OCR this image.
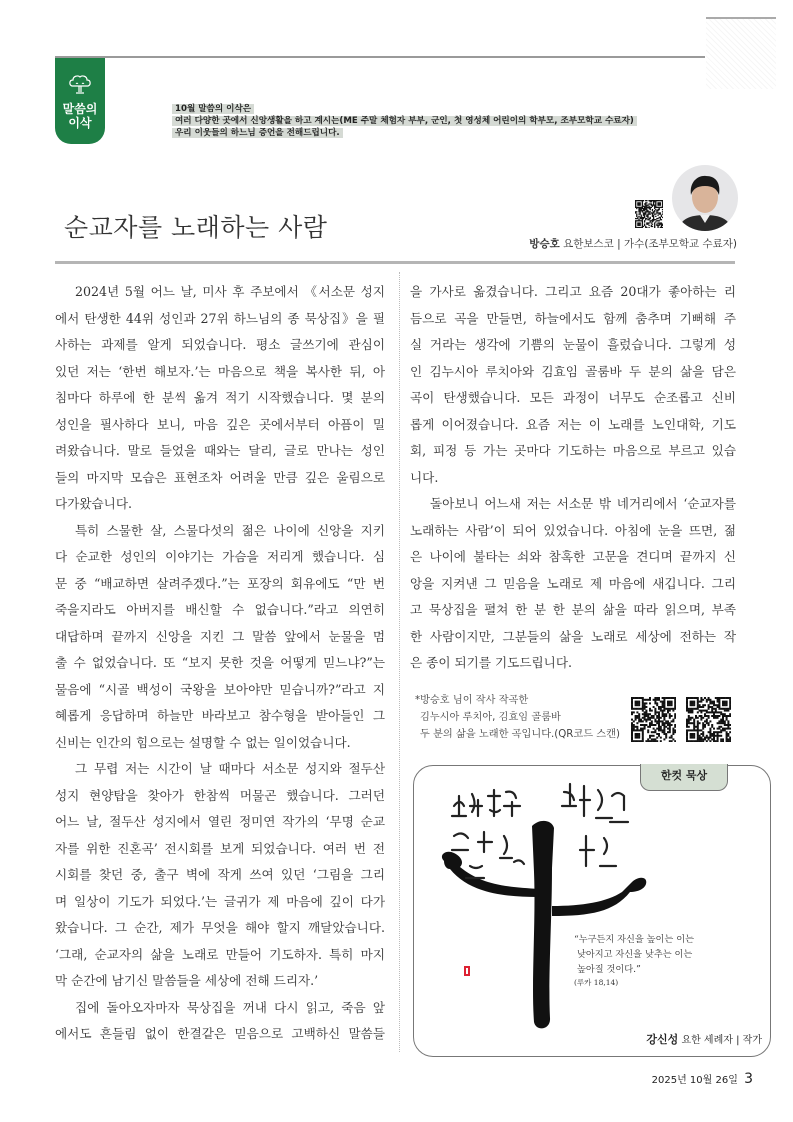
말씀의
이삭
10월 말씀의 이삭은
여러 다양한 곳에서 신앙생활을 하고 계시는(ME 주말 체험자 부부, 군인, 첫 영성체 어린이의 학부모, 조부모학교 수료자)
우리 이웃들의 하느님 증언을 전해드립니다.
순교자를 노래하는 사람
방승호 요한보스코 | 가수(조부모학교 수료자)
2024년 5월 어느 날, 미사 후 주보에서 《서소문 성지
에서 탄생한 44위 성인과 27위 하느님의 종 묵상집》을 필
사하는 과제를 알게 되었습니다. 평소 글쓰기에 관심이
있던 저는 ‘한번 해보자.’는 마음으로 책을 복사한 뒤, 아
침마다 하루에 한 분씩 옮겨 적기 시작했습니다. 몇 분의
성인을 필사하다 보니, 마음 깊은 곳에서부터 아픔이 밀
려왔습니다. 말로 들었을 때와는 달리, 글로 만나는 성인
들의 마지막 모습은 표현조차 어려울 만큼 깊은 울림으로
다가왔습니다.
특히 스물한 살, 스물다섯의 젊은 나이에 신앙을 지키
다 순교한 성인의 이야기는 가슴을 저리게 했습니다. 심
문 중 “배교하면 살려주겠다.”는 포장의 회유에도 “만 번
죽을지라도 아버지를 배신할 수 없습니다.”라고 의연히
대답하며 끝까지 신앙을 지킨 그 말씀 앞에서 눈물을 멈
출 수 없었습니다. 또 “보지 못한 것을 어떻게 믿느냐?”는
물음에 “시골 백성이 국왕을 보아야만 믿습니까?”라고 지
혜롭게 응답하며 하늘만 바라보고 참수형을 받아들인 그
신비는 인간의 힘으로는 설명할 수 없는 일이었습니다.
그 무렵 저는 시간이 날 때마다 서소문 성지와 절두산
성지 현양탑을 찾아가 한참씩 머물곤 했습니다. 그러던
어느 날, 절두산 성지에서 열린 정미연 작가의 ‘무명 순교
자를 위한 진혼곡’ 전시회를 보게 되었습니다. 여러 번 전
시회를 찾던 중, 출구 벽에 작게 쓰여 있던 ‘그림을 그리
며 일상이 기도가 되었다.’는 글귀가 제 마음에 깊이 다가
왔습니다. 그 순간, 제가 무엇을 해야 할지 깨달았습니다.
‘그래, 순교자의 삶을 노래로 만들어 기도하자. 특히 마지
막 순간에 남기신 말씀들을 세상에 전해 드리자.’
집에 돌아오자마자 묵상집을 꺼내 다시 읽고, 죽음 앞
에서도 흔들림 없이 한결같은 믿음으로 고백하신 말씀들
을 가사로 옮겼습니다. 그리고 요즘 20대가 좋아하는 리
듬으로 곡을 만들면, 하늘에서도 함께 춤추며 기뻐해 주
실 거라는 생각에 기쁨의 눈물이 흘렀습니다. 그렇게 성
인 김누시아 루치아와 김효임 골룸바 두 분의 삶을 담은
곡이 탄생했습니다. 모든 과정이 너무도 순조롭고 신비
롭게 이어졌습니다. 요즘 저는 이 노래를 노인대학, 기도
회, 피정 등 가는 곳마다 기도하는 마음으로 부르고 있습
니다.
돌아보니 어느새 저는 서소문 밖 네거리에서 ‘순교자를
노래하는 사람’이 되어 있었습니다. 아침에 눈을 뜨면, 젊
은 나이에 불타는 쇠와 참혹한 고문을 견디며 끝까지 신
앙을 지켜낸 그 믿음을 노래로 제 마음에 새깁니다. 그리
고 묵상집을 펼쳐 한 분 한 분의 삶을 따라 읽으며, 부족
한 사람이지만, 그분들의 삶을 노래로 세상에 전하는 작
은 종이 되기를 기도드립니다.
*방승호 님이 작사 작곡한
김누시아 루치아, 김효임 골룸바
두 분의 삶을 노래한 곡입니다.(QR코드 스캔)
한컷 묵상
“누구든지 자신을 높이는 이는
낮아지고 자신을 낮추는 이는
높아질 것이다.”
(루카 18,14)
강신성 요한 세례자 | 작가
2025년 10월 26일 3
